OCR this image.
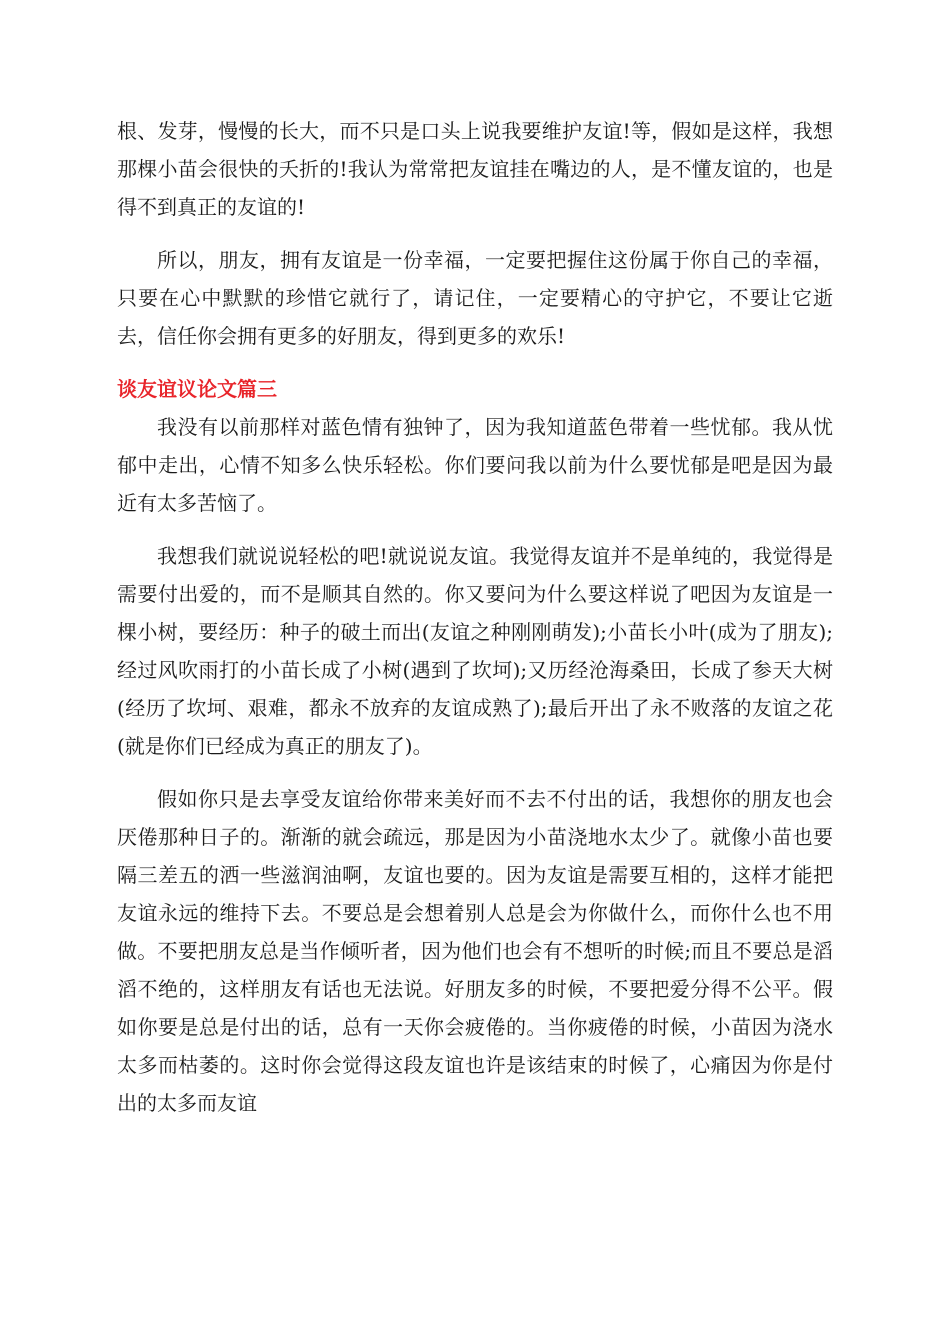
根、发芽，慢慢的长大，而不只是口头上说我要维护友谊!等，假如是这样，我想那棵小苗会很快的夭折的!我认为常常把友谊挂在嘴边的人，是不懂友谊的，也是得不到真正的友谊的!

所以，朋友，拥有友谊是一份幸福，一定要把握住这份属于你自己的幸福，只要在心中默默的珍惜它就行了，请记住，一定要精心的守护它，不要让它逝去，信任你会拥有更多的好朋友，得到更多的欢乐!

谈友谊议论文篇三

我没有以前那样对蓝色情有独钟了，因为我知道蓝色带着一些忧郁。我从忧郁中走出，心情不知多么快乐轻松。你们要问我以前为什么要忧郁是吧是因为最近有太多苦恼了。

我想我们就说说轻松的吧!就说说友谊。我觉得友谊并不是单纯的，我觉得是需要付出爱的，而不是顺其自然的。你又要问为什么要这样说了吧因为友谊是一棵小树，要经历：种子的破土而出(友谊之种刚刚萌发);小苗长小叶(成为了朋友);经过风吹雨打的小苗长成了小树(遇到了坎坷);又历经沧海桑田，长成了参天大树(经历了坎坷、艰难，都永不放弃的友谊成熟了);最后开出了永不败落的友谊之花(就是你们已经成为真正的朋友了)。

假如你只是去享受友谊给你带来美好而不去不付出的话，我想你的朋友也会厌倦那种日子的。渐渐的就会疏远，那是因为小苗浇地水太少了。就像小苗也要隔三差五的洒一些滋润油啊，友谊也要的。因为友谊是需要互相的，这样才能把友谊永远的维持下去。不要总是会想着别人总是会为你做什么，而你什么也不用做。不要把朋友总是当作倾听者，因为他们也会有不想听的时候;而且不要总是滔滔不绝的，这样朋友有话也无法说。好朋友多的时候，不要把爱分得不公平。假如你要是总是付出的话，总有一天你会疲倦的。当你疲倦的时候，小苗因为浇水太多而枯萎的。这时你会觉得这段友谊也许是该结束的时候了，心痛因为你是付出的太多而友谊
